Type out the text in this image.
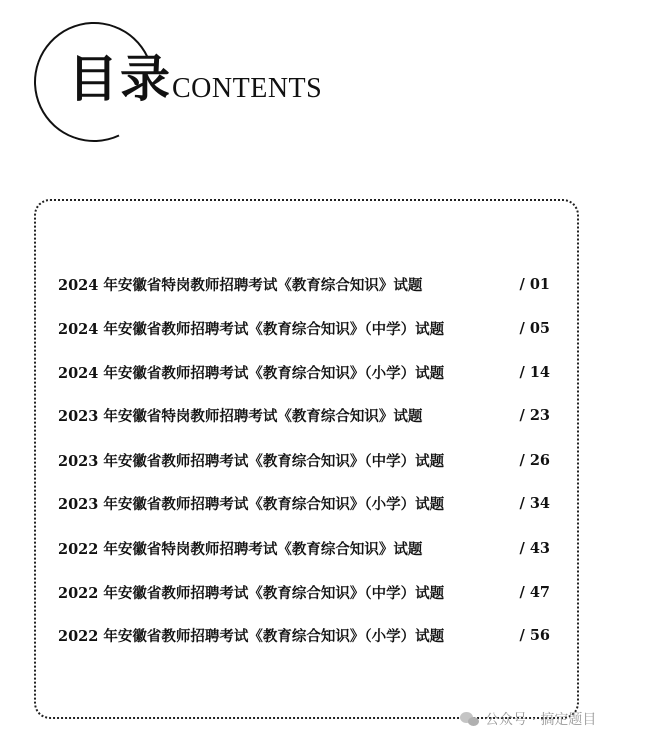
目录 CONTENTS
2024 年安徽省特岗教师招聘考试《教育综合知识》试题	/ 01
2024 年安徽省教师招聘考试《教育综合知识》（中学）试题	/ 05
2024 年安徽省教师招聘考试《教育综合知识》（小学）试题	/ 14
2023 年安徽省特岗教师招聘考试《教育综合知识》试题	/ 23
2023 年安徽省教师招聘考试《教育综合知识》（中学）试题	/ 26
2023 年安徽省教师招聘考试《教育综合知识》（小学）试题	/ 34
2022 年安徽省特岗教师招聘考试《教育综合知识》试题	/ 43
2022 年安徽省教师招聘考试《教育综合知识》（中学）试题	/ 47
2022 年安徽省教师招聘考试《教育综合知识》（小学）试题	/ 56
公众号 · 搞定题目
